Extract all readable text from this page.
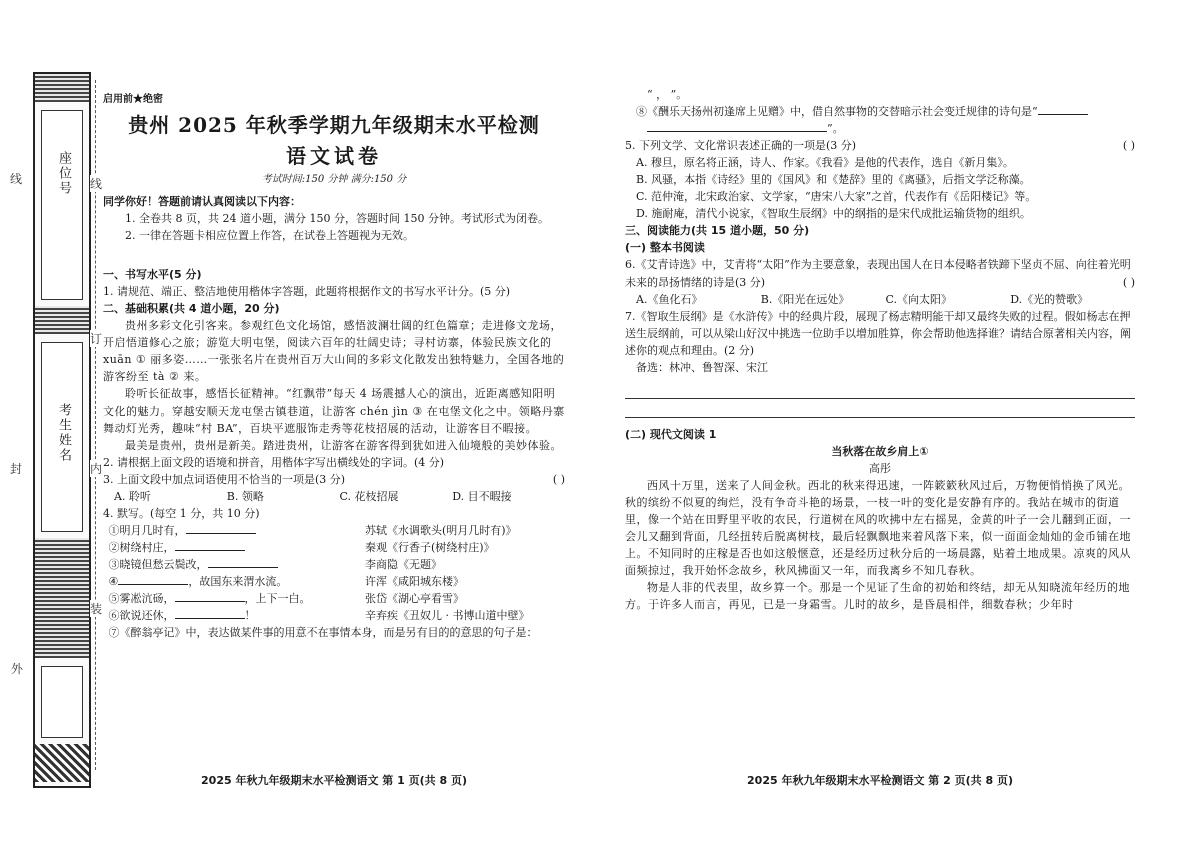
座位号
考生姓名
外
线
订
内
装
线
封

启用前★绝密

贵州 2025 年秋季学期九年级期末水平检测

语文试卷

考试时间:150 分钟 满分:150 分

同学你好！答题前请认真阅读以下内容：

1. 全卷共 8 页，共 24 道小题，满分 150 分，答题时间 150 分钟。考试形式为闭卷。

2. 一律在答题卡相应位置上作答，在试卷上答题视为无效。

一、书写水平(5 分)

1. 请规范、端正、整洁地使用楷体字答题，此题将根据作文的书写水平计分。(5 分)

二、基础积累(共 4 道小题，20 分)

贵州多彩文化引客来。参观红色文化场馆，感悟波澜壮阔的红色篇章；走进修文龙场，开启悟道修心之旅；游览大明屯堡，阅读六百年的壮阔史诗；寻村访寨，体验民族文化的 xuān ① 丽多姿……一张张名片在贵州百万大山间的多彩文化散发出独特魅力，全国各地的游客纷至 tà ② 来。

聆听长征故事，感悟长征精神。“红飘带”每天 4 场震撼人心的演出，近距离感知阳明文化的魅力。穿越安顺天龙屯堡古镇巷道，让游客 chén jìn ③ 在屯堡文化之中。领略丹寨舞动灯光秀，趣味“村 BA”，百块平遮服饰走秀等花枝招展的活动，让游客目不暇接。

最美是贵州，贵州是新美。踏进贵州，让游客在游客得到犹如进入仙境般的美妙体验。

2. 请根据上面文段的语境和拼音，用楷体字写出横线处的字词。(4 分)

3. 上面文段中加点词语使用不恰当的一项是(3 分)	( )
A. 聆听	B. 领略	C. 花枝招展	D. 目不暇接

4. 默写。(每空 1 分，共 10 分)

①明月几时有，	苏轼《水调歌头(明月几时有)》
②树绕村庄，	秦观《行香子(树绕村庄)》
③晓镜但愁云鬓改，	李商隐《无题》
④	，故国东来渭水流。	许浑《咸阳城东楼》
⑤雾凇沆砀，	，上下一白。	张岱《湖心亭看雪》
⑥欲说还休，	！	辛弃疾《丑奴儿 · 书博山道中壁》

⑦《醉翁亭记》中，表达做某件事的用意不在事情本身，而是另有目的的意思的句子是：

2025 年秋九年级期末水平检测语文 第 1 页(共 8 页)

“ ， ”。

⑧《酬乐天扬州初逢席上见赠》中，借自然事物的交替暗示社会变迁规律的诗句是“

”。

5. 下列文学、文化常识表述正确的一项是(3 分)	( )

A. 穆旦，原名将正涵，诗人、作家。《我看》是他的代表作，选自《新月集》。

B. 风骚，本指《诗经》里的《国风》和《楚辞》里的《离骚》，后指文学泛称藻。

C. 范仲淹，北宋政治家、文学家，“唐宋八大家”之首，代表作有《岳阳楼记》等。

D. 施耐庵，清代小说家，《智取生辰纲》中的纲指的是宋代成批运输货物的组织。

三、阅读能力(共 15 道小题，50 分)

(一) 整本书阅读

6.《艾青诗选》中，艾青将“太阳”作为主要意象，表现出国人在日本侵略者铁蹄下坚贞不屈、向往着光明未来的昂扬情绪的诗是(3 分)	( )
A.《鱼化石》	B.《阳光在远处》	C.《向太阳》	D.《光的赞歌》

7.《智取生辰纲》是《水浒传》中的经典片段，展现了杨志精明能干却又最终失败的过程。假如杨志在押送生辰纲前，可以从梁山好汉中挑选一位助手以增加胜算，你会帮助他选择谁？请结合原著相关内容，阐述你的观点和理由。(2 分)

备选：林冲、鲁智深、宋江

(二) 现代文阅读 1

当秋落在故乡肩上①

高彤

西风十万里，送来了人间金秋。西北的秋来得迅速，一阵簌簌秋风过后，万物便悄悄换了风光。秋的缤纷不似夏的绚烂，没有争奇斗艳的场景，一枝一叶的变化是安静有序的。我站在城市的街道里，像一个站在田野里平收的农民，行道树在风的吹拂中左右摇晃，金黄的叶子一会儿翻到正面，一会儿又翻到背面，几经扭转后脱离树枝，最后轻飘飘地来着风落下来，似一面面金灿灿的金币铺在地上。不知同时的庄稼是否也如这般惬意，还是经历过秋分后的一场晨露，贴着土地成果。凉爽的风从面频掠过，我开始怀念故乡，秋风拂面又一年，而我离乡不知几春秋。

物是人非的代表里，故乡算一个。那是一个见证了生命的初始和终结，却无从知晓流年经历的地方。于许多人而言，再见，已是一身霜雪。儿时的故乡，是昏晨相伴，细数春秋；少年时

2025 年秋九年级期末水平检测语文 第 2 页(共 8 页)
